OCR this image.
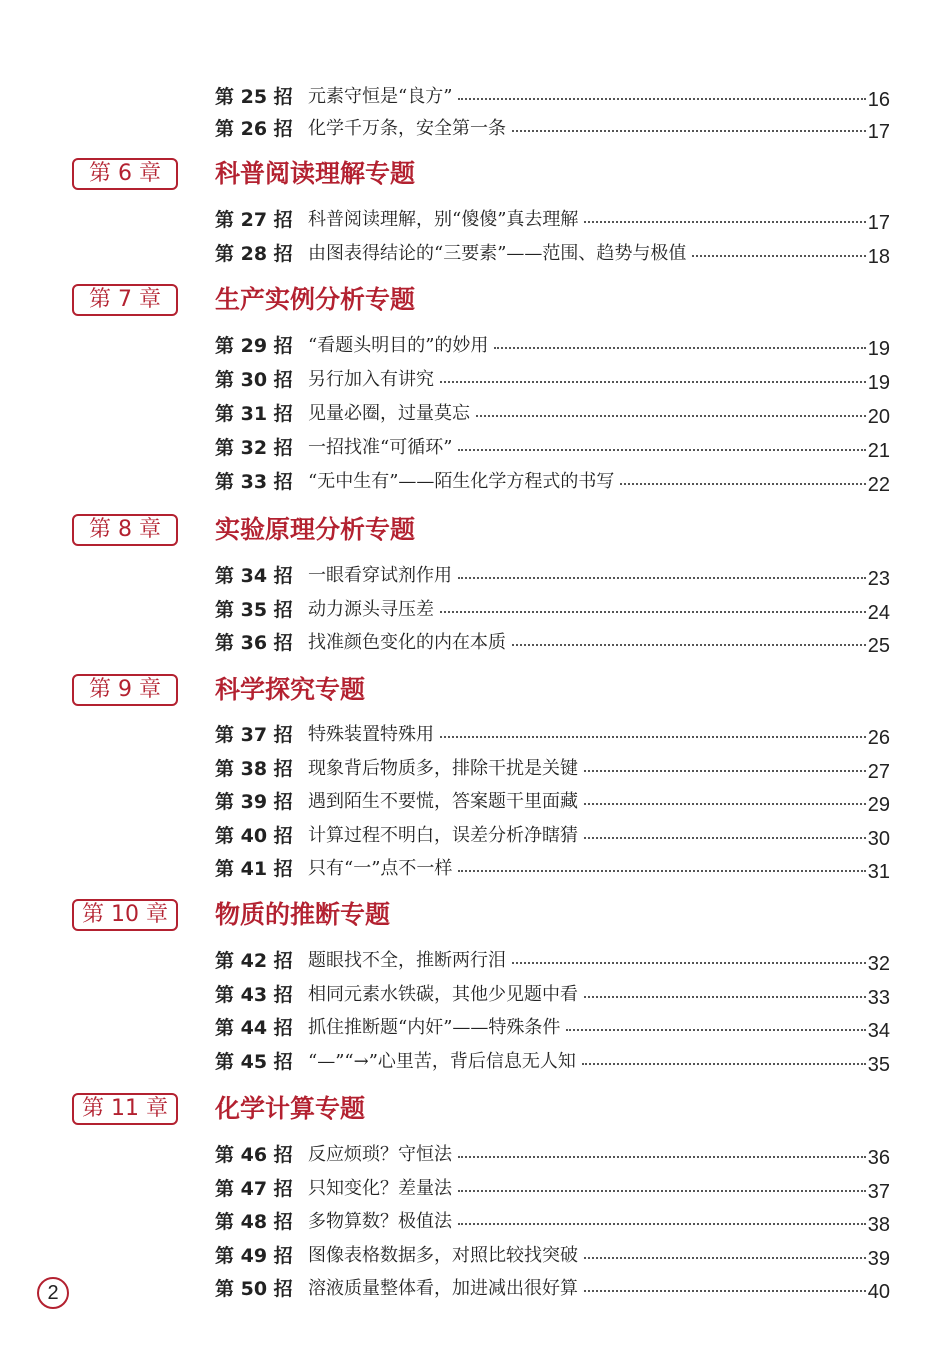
第 25 招 元素守恒是“良方”	16
第 26 招 化学千万条，安全第一条	17
第 6 章	科普阅读理解专题
第 27 招 科普阅读理解，别“傻傻”真去理解	17
第 28 招 由图表得结论的“三要素”——范围、趋势与极值	18
第 7 章	生产实例分析专题
第 29 招 “看题头明目的”的妙用	19
第 30 招 另行加入有讲究	19
第 31 招 见量必圈，过量莫忘	20
第 32 招 一招找准“可循环”	21
第 33 招 “无中生有”——陌生化学方程式的书写	22
第 8 章	实验原理分析专题
第 34 招 一眼看穿试剂作用	23
第 35 招 动力源头寻压差	24
第 36 招 找准颜色变化的内在本质	25
第 9 章	科学探究专题
第 37 招 特殊装置特殊用	26
第 38 招 现象背后物质多，排除干扰是关键	27
第 39 招 遇到陌生不要慌，答案题干里面藏	29
第 40 招 计算过程不明白，误差分析净瞎猜	30
第 41 招 只有“一”点不一样	31
第 10 章	物质的推断专题
第 42 招 题眼找不全，推断两行泪	32
第 43 招 相同元素水铁碳，其他少见题中看	33
第 44 招 抓住推断题“内奸”——特殊条件	34
第 45 招 “—”“→”心里苦，背后信息无人知	35
第 11 章	化学计算专题
第 46 招 反应烦琐？守恒法	36
第 47 招 只知变化？差量法	37
第 48 招 多物算数？极值法	38
第 49 招 图像表格数据多，对照比较找突破	39
第 50 招 溶液质量整体看，加进减出很好算	40
2
